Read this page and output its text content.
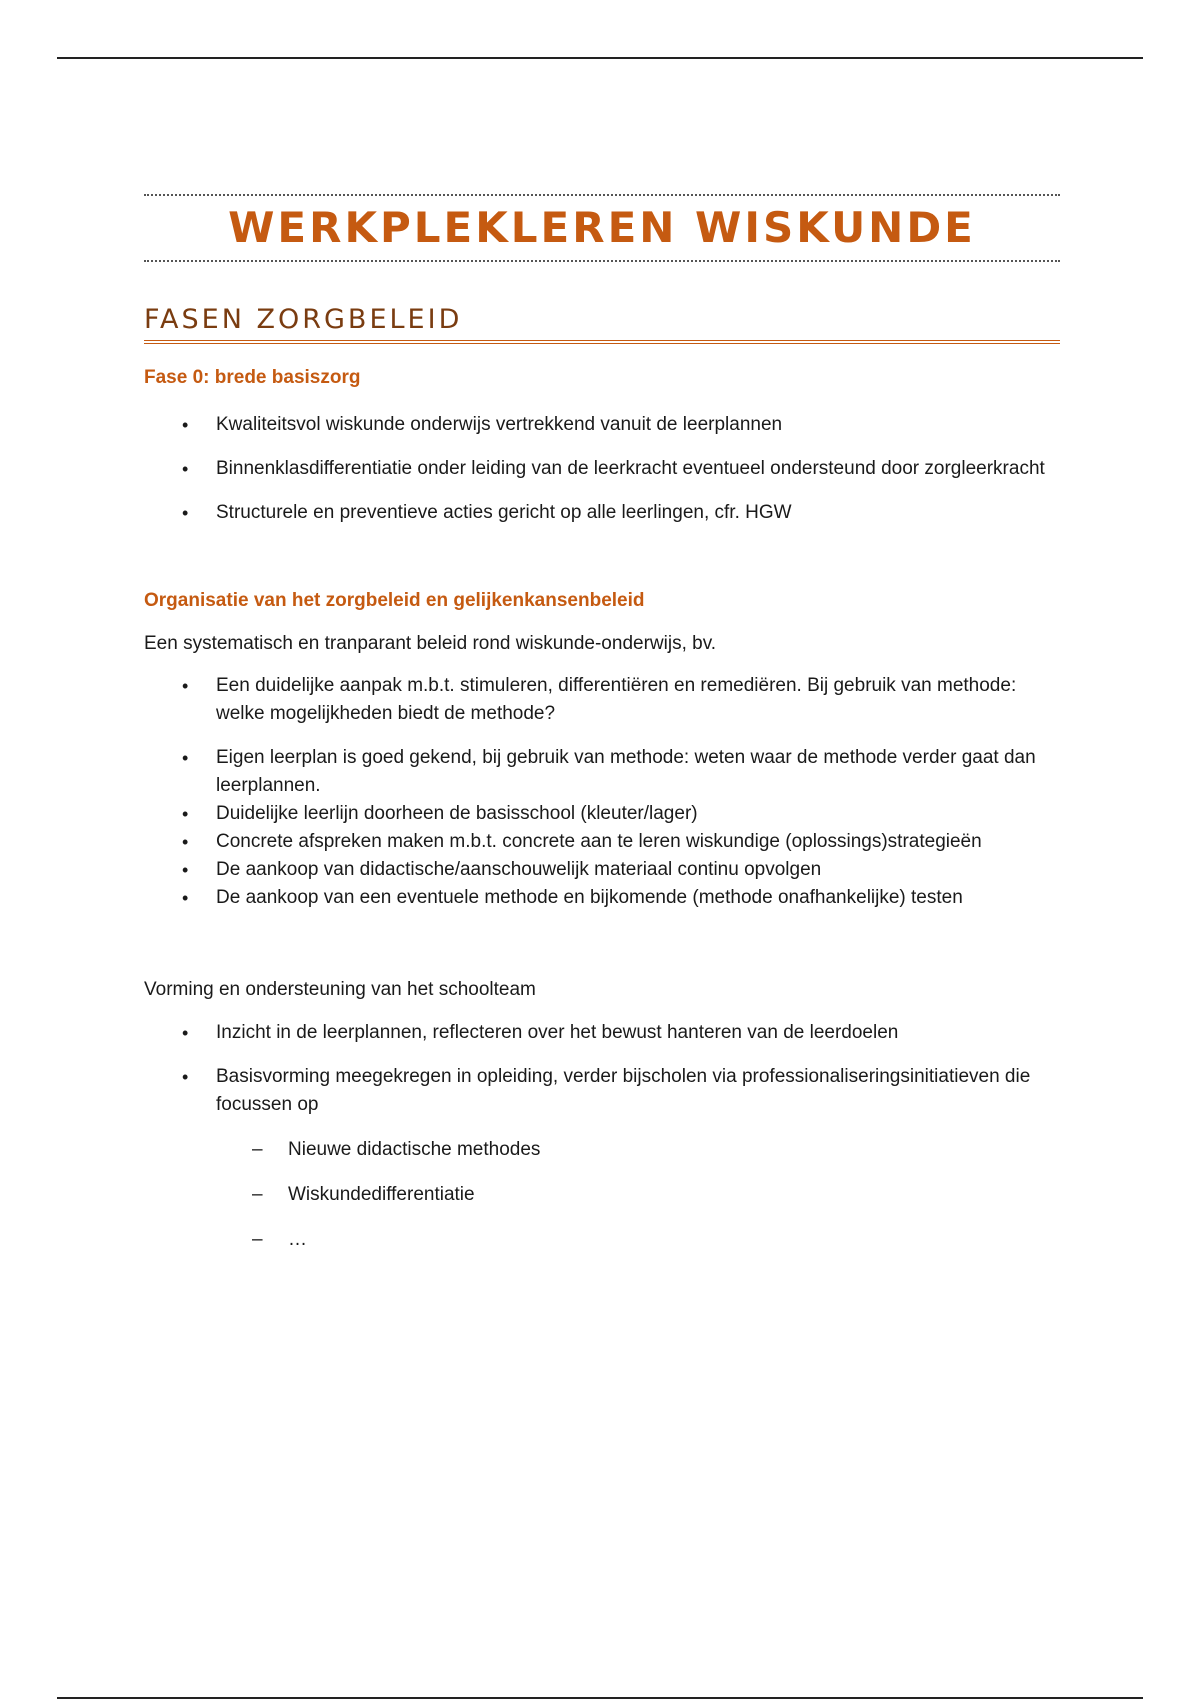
WERKPLEKLEREN WISKUNDE
FASEN ZORGBELEID

Fase 0: brede basiszorg

• Kwaliteitsvol wiskunde onderwijs vertrekkend vanuit de leerplannen
• Binnenklasdifferentiatie onder leiding van de leerkracht eventueel ondersteund door zorgleerkracht
• Structurele en preventieve acties gericht op alle leerlingen, cfr. HGW

Organisatie van het zorgbeleid en gelijkenkansenbeleid

Een systematisch en tranparant beleid rond wiskunde-onderwijs, bv.

• Een duidelijke aanpak m.b.t. stimuleren, differentiëren en remediëren. Bij gebruik van methode: welke mogelijkheden biedt de methode?
• Eigen leerplan is goed gekend, bij gebruik van methode: weten waar de methode verder gaat dan leerplannen.
• Duidelijke leerlijn doorheen de basisschool (kleuter/lager)
• Concrete afspreken maken m.b.t. concrete aan te leren wiskundige (oplossings)strategieën
• De aankoop van didactische/aanschouwelijk materiaal continu opvolgen
• De aankoop van een eventuele methode en bijkomende (methode onafhankelijke) testen

Vorming en ondersteuning van het schoolteam

• Inzicht in de leerplannen, reflecteren over het bewust hanteren van de leerdoelen
• Basisvorming meegekregen in opleiding, verder bijscholen via professionaliseringsinitiatieven die focussen op
– Nieuwe didactische methodes
– Wiskundedifferentiatie
– …
